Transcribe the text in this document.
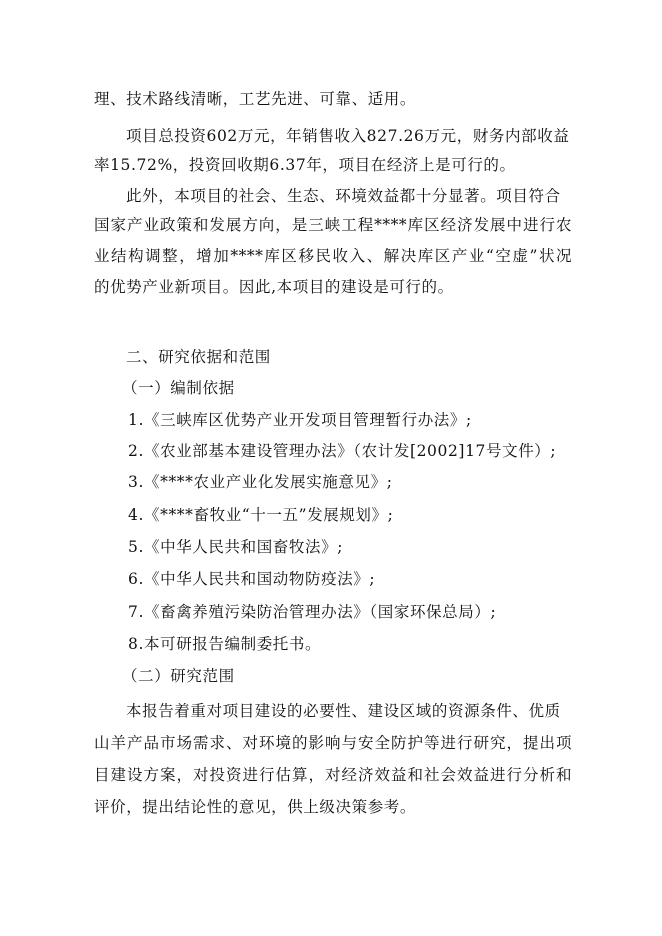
理、技术路线清晰，工艺先进、可靠、适用。
项目总投资602万元，年销售收入827.26万元，财务内部收益
率15.72%，投资回收期6.37年，项目在经济上是可行的。
此外，本项目的社会、生态、环境效益都十分显著。项目符合
国家产业政策和发展方向，是三峡工程****库区经济发展中进行农
业结构调整，增加****库区移民收入、解决库区产业“空虚”状况
的优势产业新项目。因此,本项目的建设是可行的。
二、研究依据和范围
（一）编制依据
1.《三峡库区优势产业开发项目管理暂行办法》;
2.《农业部基本建设管理办法》（农计发[2002]17号文件）;
3.《****农业产业化发展实施意见》;
4.《****畜牧业“十一五”发展规划》;
5.《中华人民共和国畜牧法》;
6.《中华人民共和国动物防疫法》;
7.《畜禽养殖污染防治管理办法》（国家环保总局）;
8.本可研报告编制委托书。
（二）研究范围
本报告着重对项目建设的必要性、建设区域的资源条件、优质
山羊产品市场需求、对环境的影响与安全防护等进行研究，提出项
目建设方案，对投资进行估算，对经济效益和社会效益进行分析和
评价，提出结论性的意见，供上级决策参考。
